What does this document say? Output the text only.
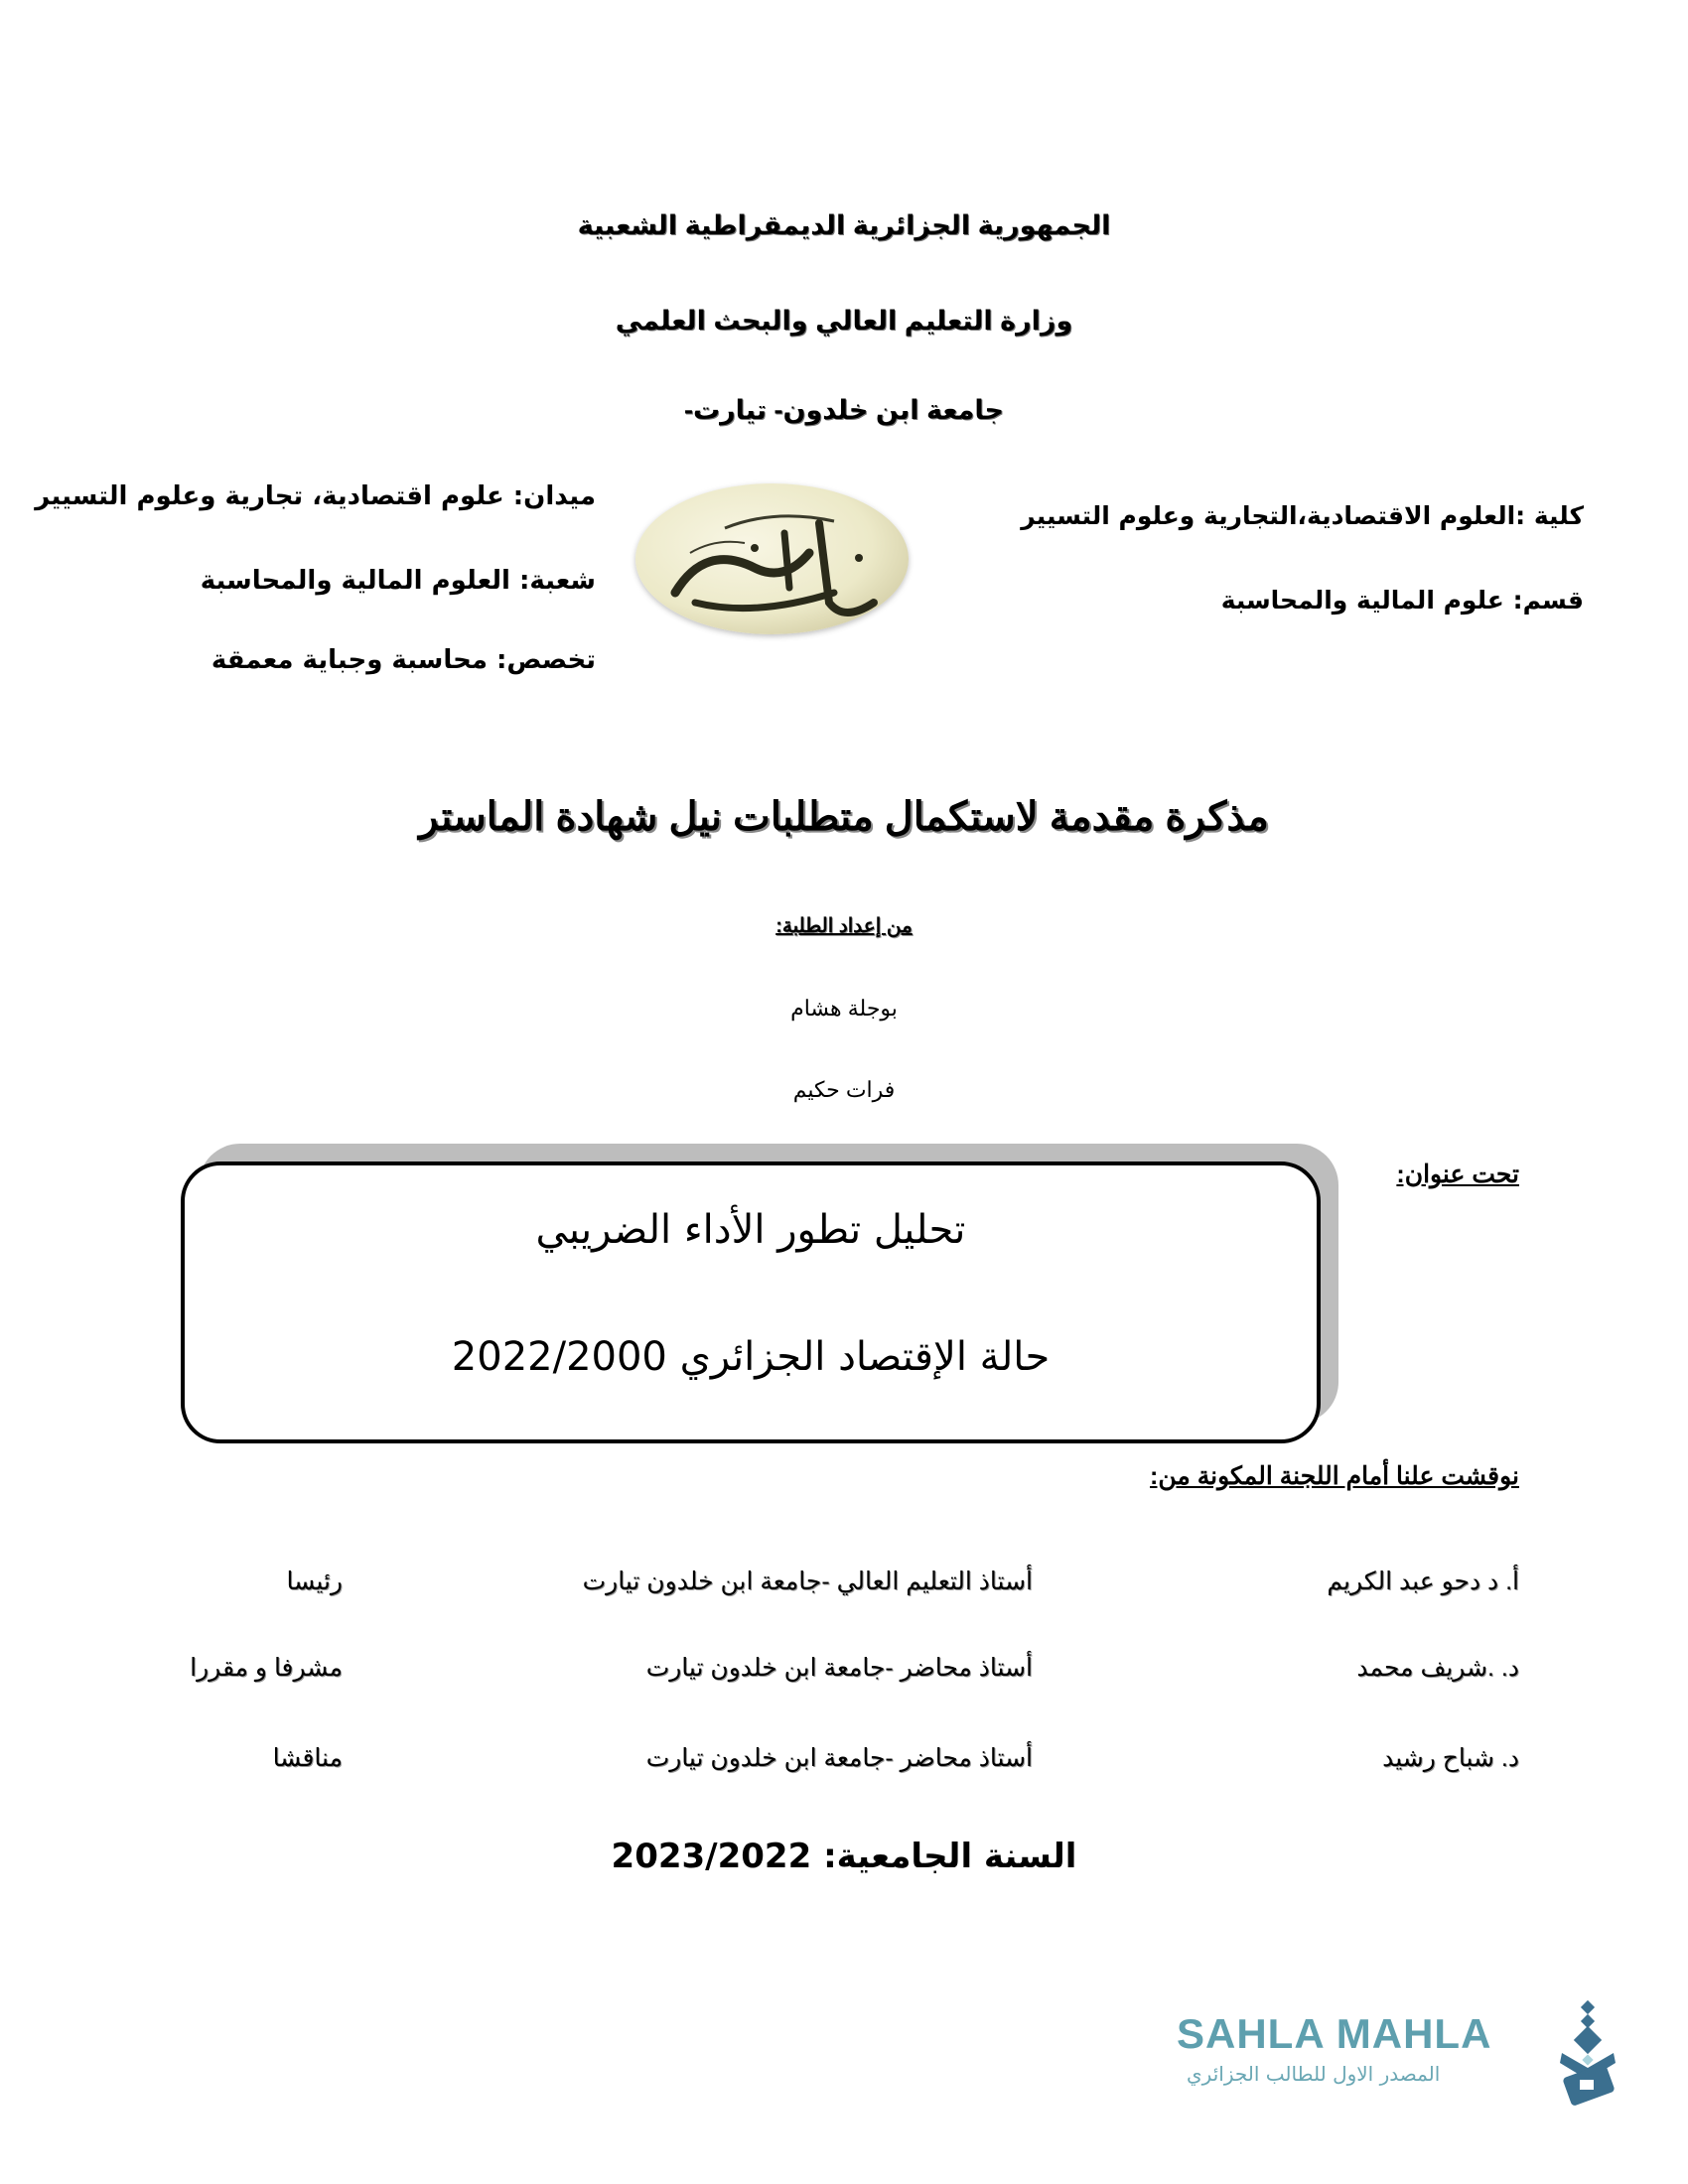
الجمهورية الجزائرية الديمقراطية الشعبية
وزارة التعليم العالي والبحث العلمي
جامعة ابن خلدون- تيارت-
كلية :العلوم الاقتصادية،التجارية وعلوم التسيير
قسم: علوم المالية والمحاسبة
ميدان: علوم اقتصادية، تجارية وعلوم التسيير
شعبة: العلوم المالية والمحاسبة
تخصص: محاسبة وجباية معمقة
مذكرة مقدمة لاستكمال متطلبات نيل شهادة الماستر
من إعداد الطلبة:
بوجلة هشام
فرات حكيم
تحت عنوان:
تحليل تطور الأداء الضريبي
حالة الإقتصاد الجزائري 2022/2000
نوقشت علنا أمام اللجنة المكونة من:
أ. د دحو عبد الكريم
أستاذ التعليم العالي -جامعة ابن خلدون تيارت
رئيسا
د. .شريف محمد
أستاذ محاضر -جامعة ابن خلدون تيارت
مشرفا و مقررا
د. شباح رشيد
أستاذ محاضر -جامعة ابن خلدون تيارت
مناقشا
السنة الجامعية: 2023/2022
SAHLA MAHLA
المصدر الاول للطالب الجزائري
